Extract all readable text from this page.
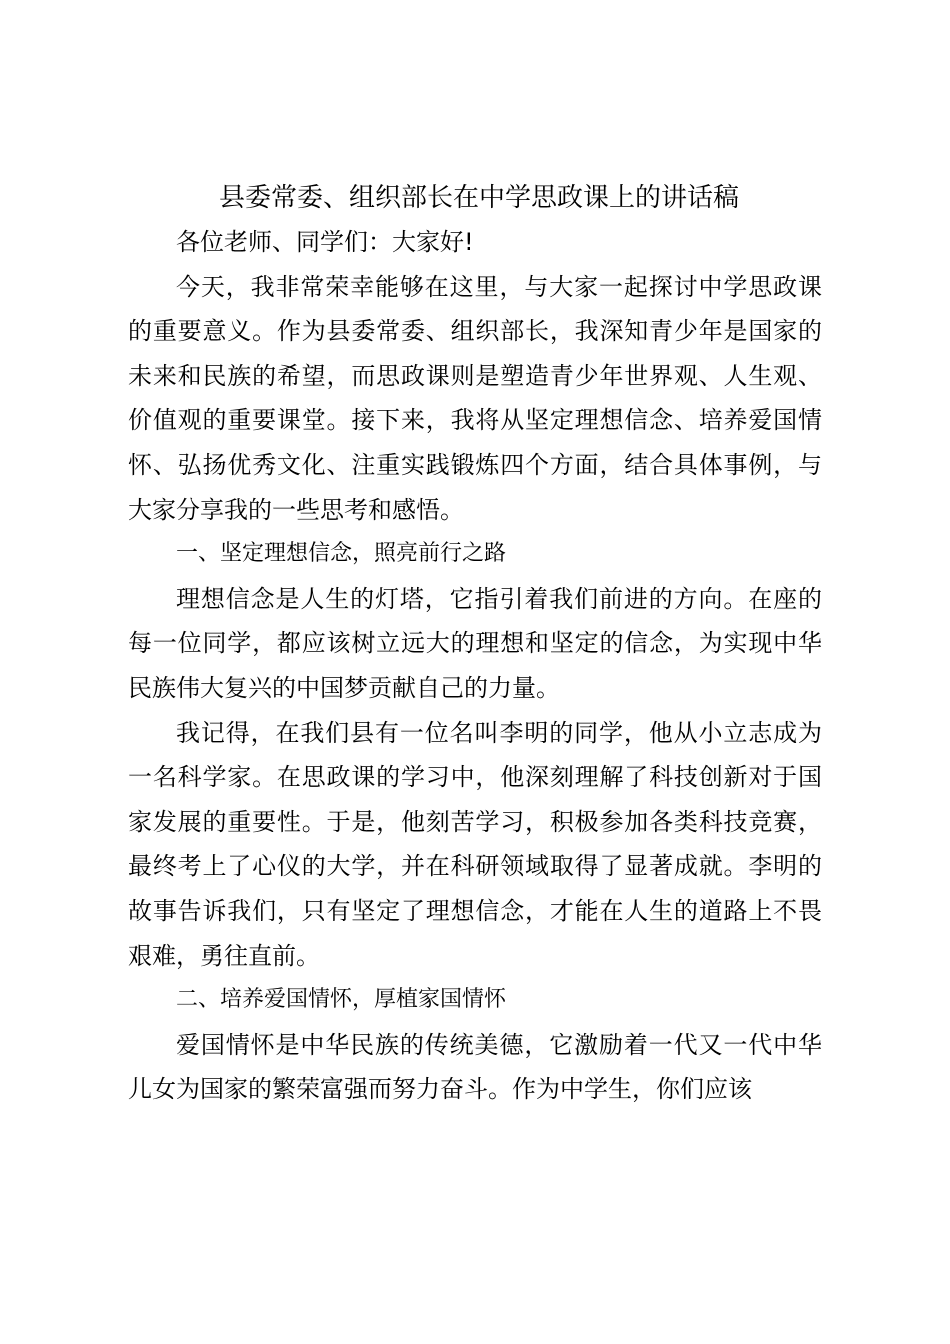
县委常委、组织部长在中学思政课上的讲话稿

各位老师、同学们：大家好!

今天，我非常荣幸能够在这里，与大家一起探讨中学思政课的重要意义。作为县委常委、组织部长，我深知青少年是国家的未来和民族的希望，而思政课则是塑造青少年世界观、人生观、价值观的重要课堂。接下来，我将从坚定理想信念、培养爱国情怀、弘扬优秀文化、注重实践锻炼四个方面，结合具体事例，与大家分享我的一些思考和感悟。

一、坚定理想信念，照亮前行之路

理想信念是人生的灯塔，它指引着我们前进的方向。在座的每一位同学，都应该树立远大的理想和坚定的信念，为实现中华民族伟大复兴的中国梦贡献自己的力量。

我记得，在我们县有一位名叫李明的同学，他从小立志成为一名科学家。在思政课的学习中，他深刻理解了科技创新对于国家发展的重要性。于是，他刻苦学习，积极参加各类科技竞赛，最终考上了心仪的大学，并在科研领域取得了显著成就。李明的故事告诉我们，只有坚定了理想信念，才能在人生的道路上不畏艰难，勇往直前。

二、培养爱国情怀，厚植家国情怀

爱国情怀是中华民族的传统美德，它激励着一代又一代中华儿女为国家的繁荣富强而努力奋斗。作为中学生，你们应该
